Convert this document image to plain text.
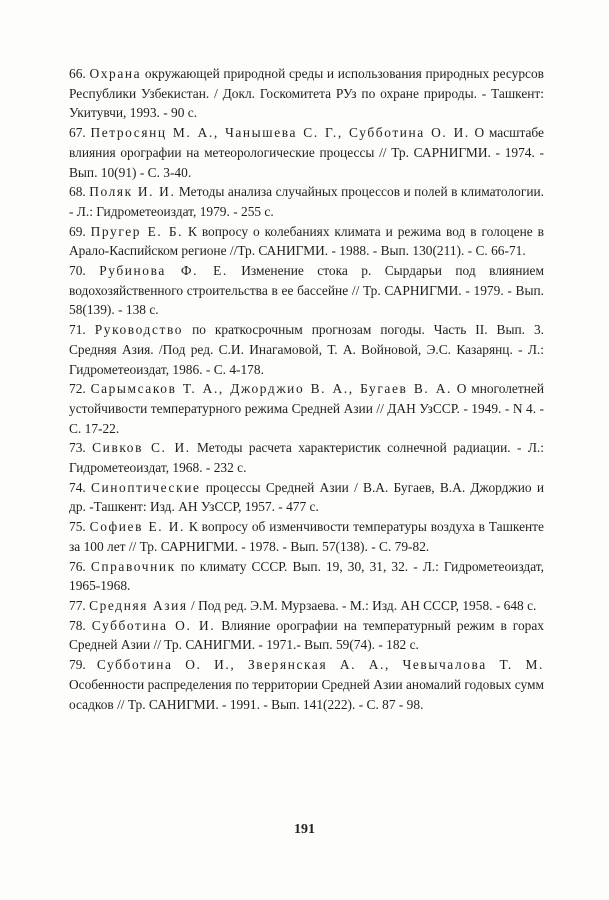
66. Охрана окружающей природной среды и использования природных ресурсов Республики Узбекистан. / Докл. Госкомитета РУз по охране природы. - Ташкент: Укитувчи, 1993. - 90 с.

67. Петросянц М. А., Чанышева С. Г., Субботина О. И. О масштабе влияния орографии на метеорологические процессы // Тр. САРНИГМИ. - 1974. - Вып. 10(91) - С. 3-40.

68. Поляк И. И. Методы анализа случайных процессов и полей в климатологии. - Л.: Гидрометеоиздат, 1979. - 255 с.

69. Пругер Е. Б. К вопросу о колебаниях климата и режима вод в голоцене в Арало-Каспийском регионе //Тр. САНИГМИ. - 1988. - Вып. 130(211). - С. 66-71.

70. Рубинова Ф. Е. Изменение стока р. Сырдарьи под влиянием водохозяйственного строительства в ее бассейне // Тр. САРНИГМИ. - 1979. - Вып. 58(139). - 138 с.

71. Руководство по краткосрочным прогнозам погоды. Часть II. Вып. 3. Средняя Азия. /Под ред. С.И. Инагамовой, Т. А. Войновой, Э.С. Казарянц. - Л.: Гидрометеоиздат, 1986. - С. 4-178.

72. Сарымсаков Т. А., Джорджио В. А., Бугаев В. А. О многолетней устойчивости температурного режима Средней Азии // ДАН УзССР. - 1949. - N 4. - С. 17-22.

73. Сивков С. И. Методы расчета характеристик солнечной радиации. - Л.: Гидрометеоиздат, 1968. - 232 с.

74. Синоптические процессы Средней Азии / В.А. Бугаев, В.А. Джорджио и др. -Ташкент: Изд. АН УзССР, 1957. - 477 с.

75. Софиев Е. И. К вопросу об изменчивости температуры воздуха в Ташкенте за 100 лет // Тр. САРНИГМИ. - 1978. - Вып. 57(138). - С. 79-82.

76. Справочник по климату СССР. Вып. 19, 30, 31, 32. - Л.: Гидрометеоиздат, 1965-1968.

77. Средняя Азия / Под ред. Э.М. Мурзаева. - М.: Изд. АН СССР, 1958. - 648 с.

78. Субботина О. И. Влияние орографии на температурный режим в горах Средней Азии // Тр. САНИГМИ. - 1971.- Вып. 59(74). - 182 с.

79. Субботина О. И., Зверянская А. А., Чевычалова Т. М. Особенности распределения по территории Средней Азии аномалий годовых сумм осадков // Тр. САНИГМИ. - 1991. - Вып. 141(222). - С. 87 - 98.

191
